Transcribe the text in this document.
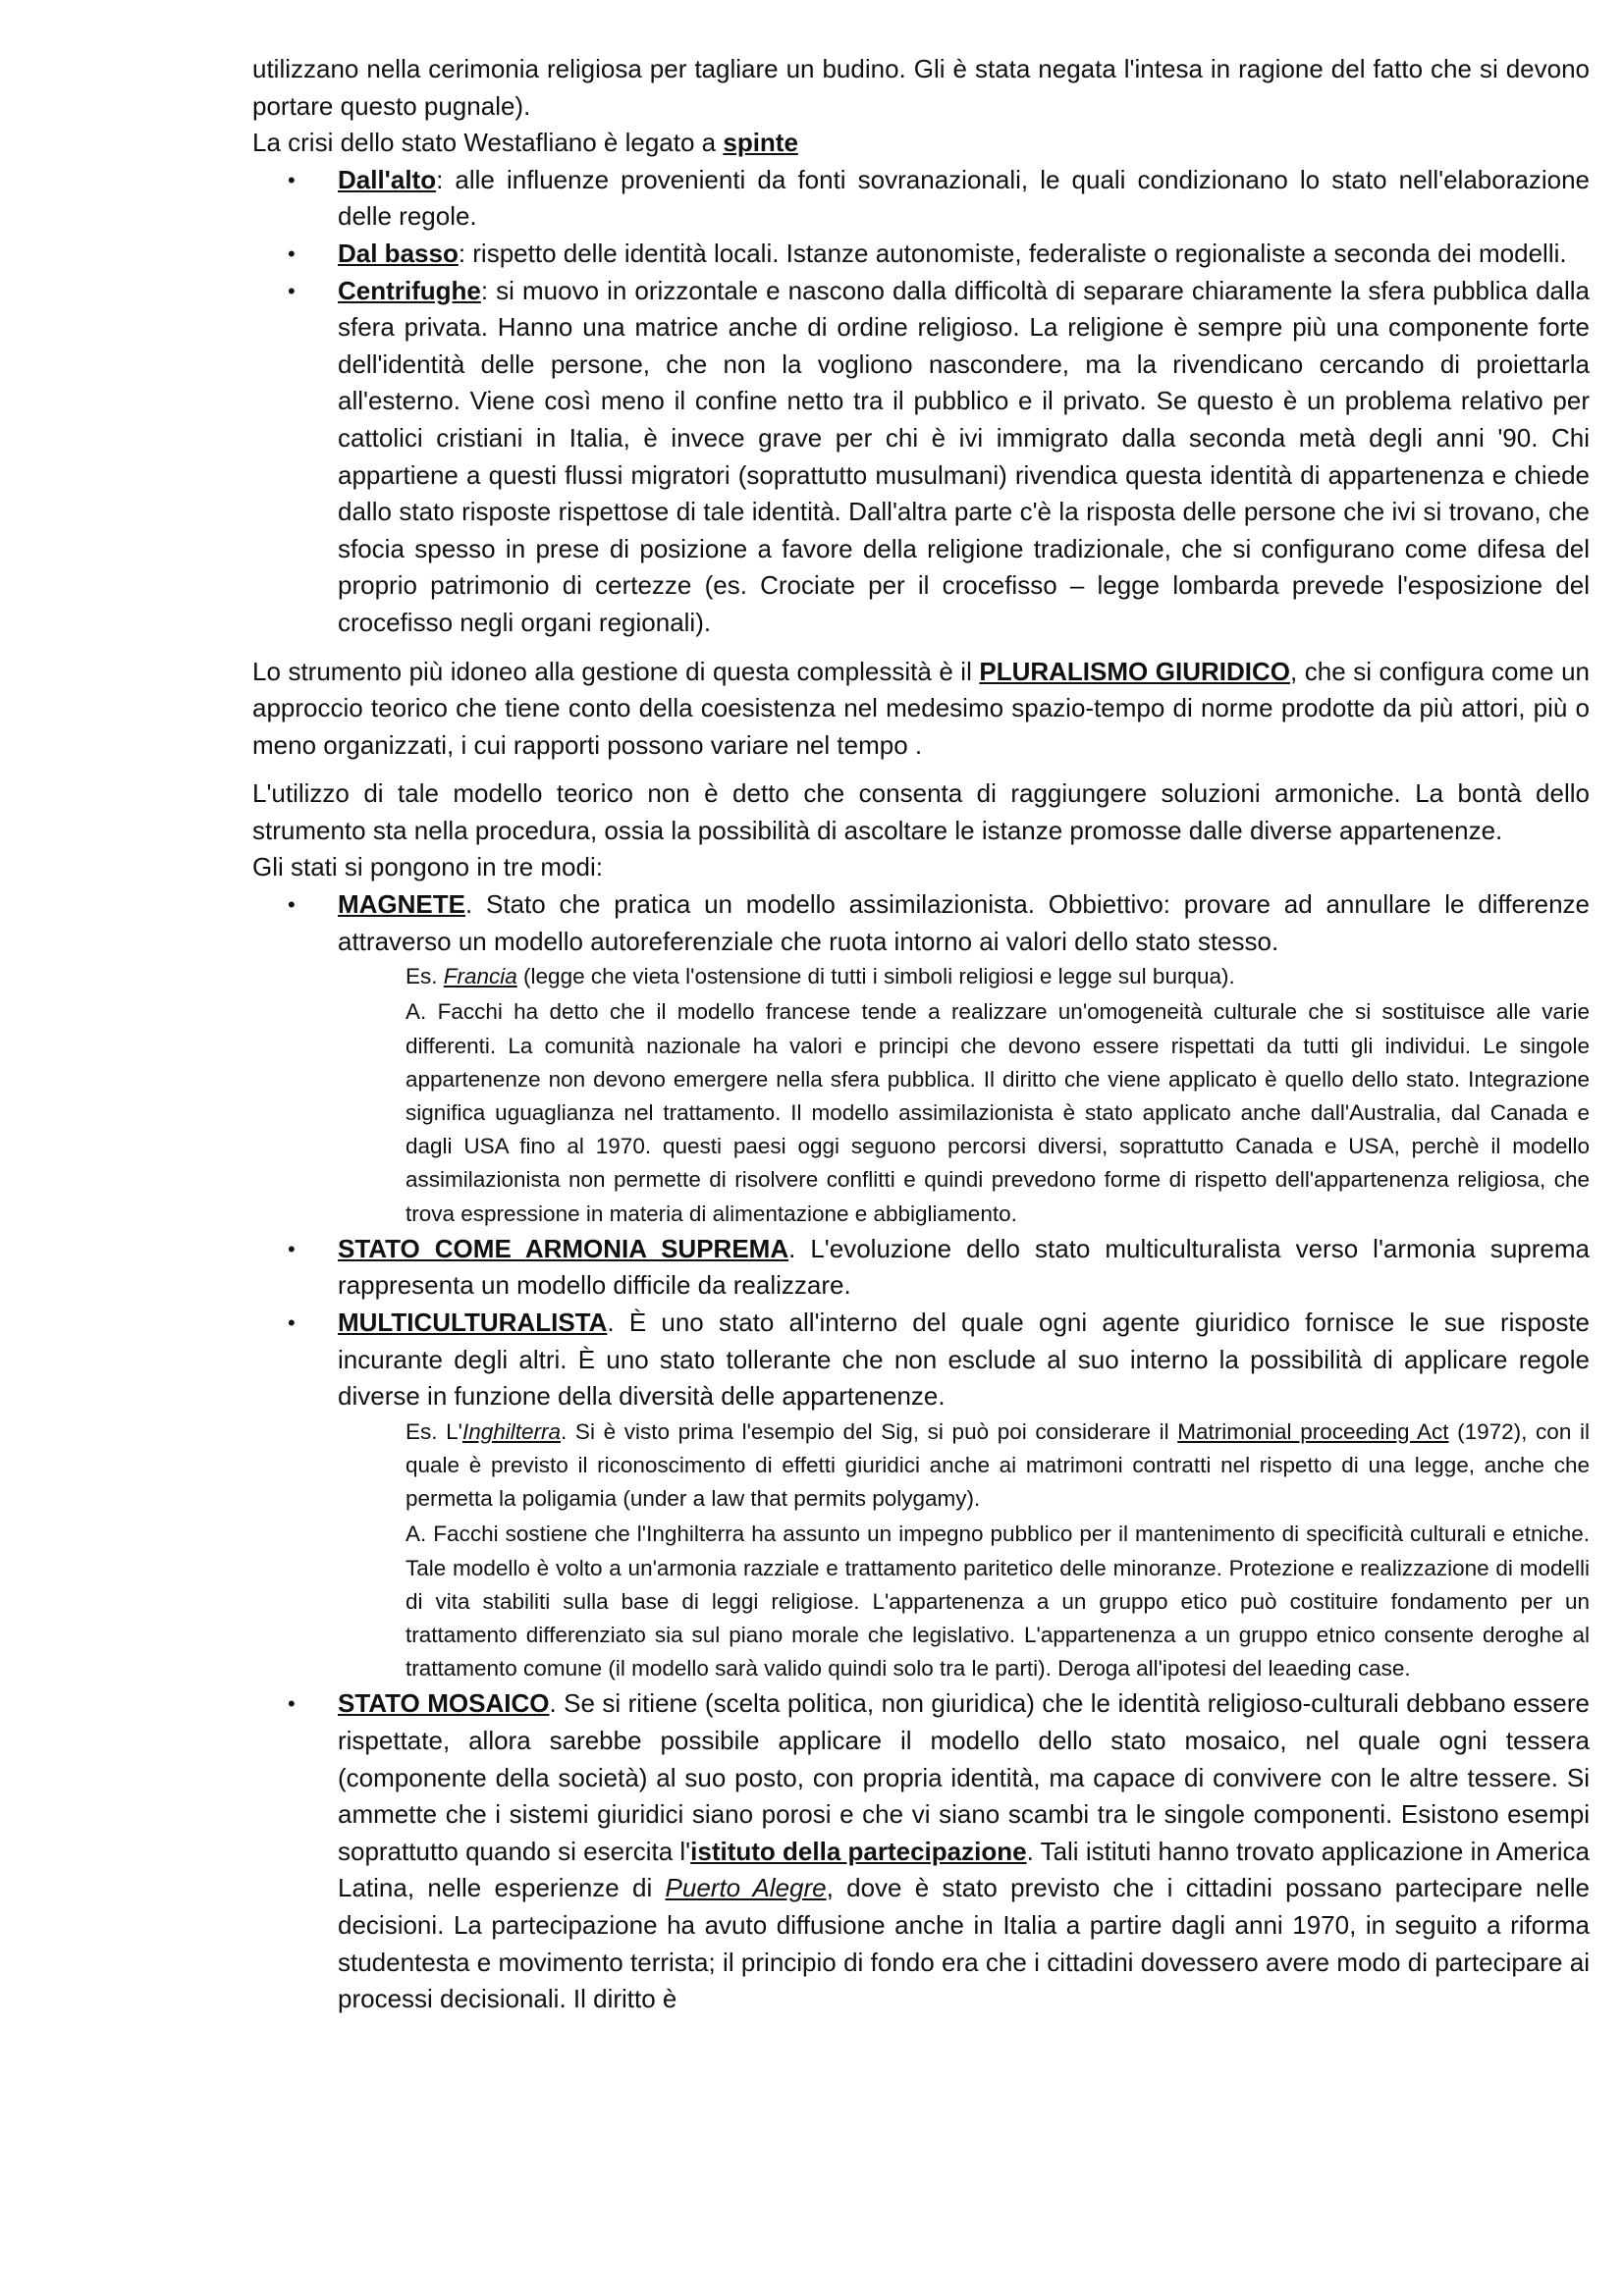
utilizzano nella cerimonia religiosa per tagliare un budino. Gli è stata negata l'intesa in ragione del fatto che si devono portare questo pugnale).

La crisi dello stato Westafliano è legato a spinte

• Dall'alto: alle influenze provenienti da fonti sovranazionali, le quali condizionano lo stato nell'elaborazione delle regole.
• Dal basso: rispetto delle identità locali. Istanze autonomiste, federaliste o regionaliste a seconda dei modelli.
• Centrifughe: si muovo in orizzontale e nascono dalla difficoltà di separare chiaramente la sfera pubblica dalla sfera privata. Hanno una matrice anche di ordine religioso. La religione è sempre più una componente forte dell'identità delle persone, che non la vogliono nascondere, ma la rivendicano cercando di proiettarla all'esterno. Viene così meno il confine netto tra il pubblico e il privato. Se questo è un problema relativo per cattolici cristiani in Italia, è invece grave per chi è ivi immigrato dalla seconda metà degli anni '90. Chi appartiene a questi flussi migratori (soprattutto musulmani) rivendica questa identità di appartenenza e chiede dallo stato risposte rispettose di tale identità. Dall'altra parte c'è la risposta delle persone che ivi si trovano, che sfocia spesso in prese di posizione a favore della religione tradizionale, che si configurano come difesa del proprio patrimonio di certezze (es. Crociate per il crocefisso – legge lombarda prevede l'esposizione del crocefisso negli organi regionali).

Lo strumento più idoneo alla gestione di questa complessità è il PLURALISMO GIURIDICO, che si configura come un approccio teorico che tiene conto della coesistenza nel medesimo spazio-tempo di norme prodotte da più attori, più o meno organizzati, i cui rapporti possono variare nel tempo .

L'utilizzo di tale modello teorico non è detto che consenta di raggiungere soluzioni armoniche. La bontà dello strumento sta nella procedura, ossia la possibilità di ascoltare le istanze promosse dalle diverse appartenenze.

Gli stati si pongono in tre modi:

• MAGNETE. Stato che pratica un modello assimilazionista. Obbiettivo: provare ad annullare le differenze attraverso un modello autoreferenziale che ruota intorno ai valori dello stato stesso.

Es. Francia (legge che vieta l'ostensione di tutti i simboli religiosi e legge sul burqua).

A. Facchi ha detto che il modello francese tende a realizzare un'omogeneità culturale che si sostituisce alle varie differenti. La comunità nazionale ha valori e principi che devono essere rispettati da tutti gli individui. Le singole appartenenze non devono emergere nella sfera pubblica. Il diritto che viene applicato è quello dello stato. Integrazione significa uguaglianza nel trattamento. Il modello assimilazionista è stato applicato anche dall'Australia, dal Canada e dagli USA fino al 1970. questi paesi oggi seguono percorsi diversi, soprattutto Canada e USA, perchè il modello assimilazionista non permette di risolvere conflitti e quindi prevedono forme di rispetto dell'appartenenza religiosa, che trova espressione in materia di alimentazione e abbigliamento.

• STATO COME ARMONIA SUPREMA. L'evoluzione dello stato multiculturalista verso l'armonia suprema rappresenta un modello difficile da realizzare.
• MULTICULTURALISTA. È uno stato all'interno del quale ogni agente giuridico fornisce le sue risposte incurante degli altri. È uno stato tollerante che non esclude al suo interno la possibilità di applicare regole diverse in funzione della diversità delle appartenenze.

Es. L'Inghilterra. Si è visto prima l'esempio del Sig, si può poi considerare il Matrimonial proceeding Act (1972), con il quale è previsto il riconoscimento di effetti giuridici anche ai matrimoni contratti nel rispetto di una legge, anche che permetta la poligamia (under a law that permits polygamy).

A. Facchi sostiene che l'Inghilterra ha assunto un impegno pubblico per il mantenimento di specificità culturali e etniche. Tale modello è volto a un'armonia razziale e trattamento paritetico delle minoranze. Protezione e realizzazione di modelli di vita stabiliti sulla base di leggi religiose. L'appartenenza a un gruppo etico può costituire fondamento per un trattamento differenziato sia sul piano morale che legislativo. L'appartenenza a un gruppo etnico consente deroghe al trattamento comune (il modello sarà valido quindi solo tra le parti). Deroga all'ipotesi del leaeding case.

• STATO MOSAICO. Se si ritiene (scelta politica, non giuridica) che le identità religioso-culturali debbano essere rispettate, allora sarebbe possibile applicare il modello dello stato mosaico, nel quale ogni tessera (componente della società) al suo posto, con propria identità, ma capace di convivere con le altre tessere. Si ammette che i sistemi giuridici siano porosi e che vi siano scambi tra le singole componenti. Esistono esempi soprattutto quando si esercita l'istituto della partecipazione. Tali istituti hanno trovato applicazione in America Latina, nelle esperienze di Puerto Alegre, dove è stato previsto che i cittadini possano partecipare nelle decisioni. La partecipazione ha avuto diffusione anche in Italia a partire dagli anni 1970, in seguito a riforma studentesta e movimento terrista; il principio di fondo era che i cittadini dovessero avere modo di partecipare ai processi decisionali. Il diritto è
